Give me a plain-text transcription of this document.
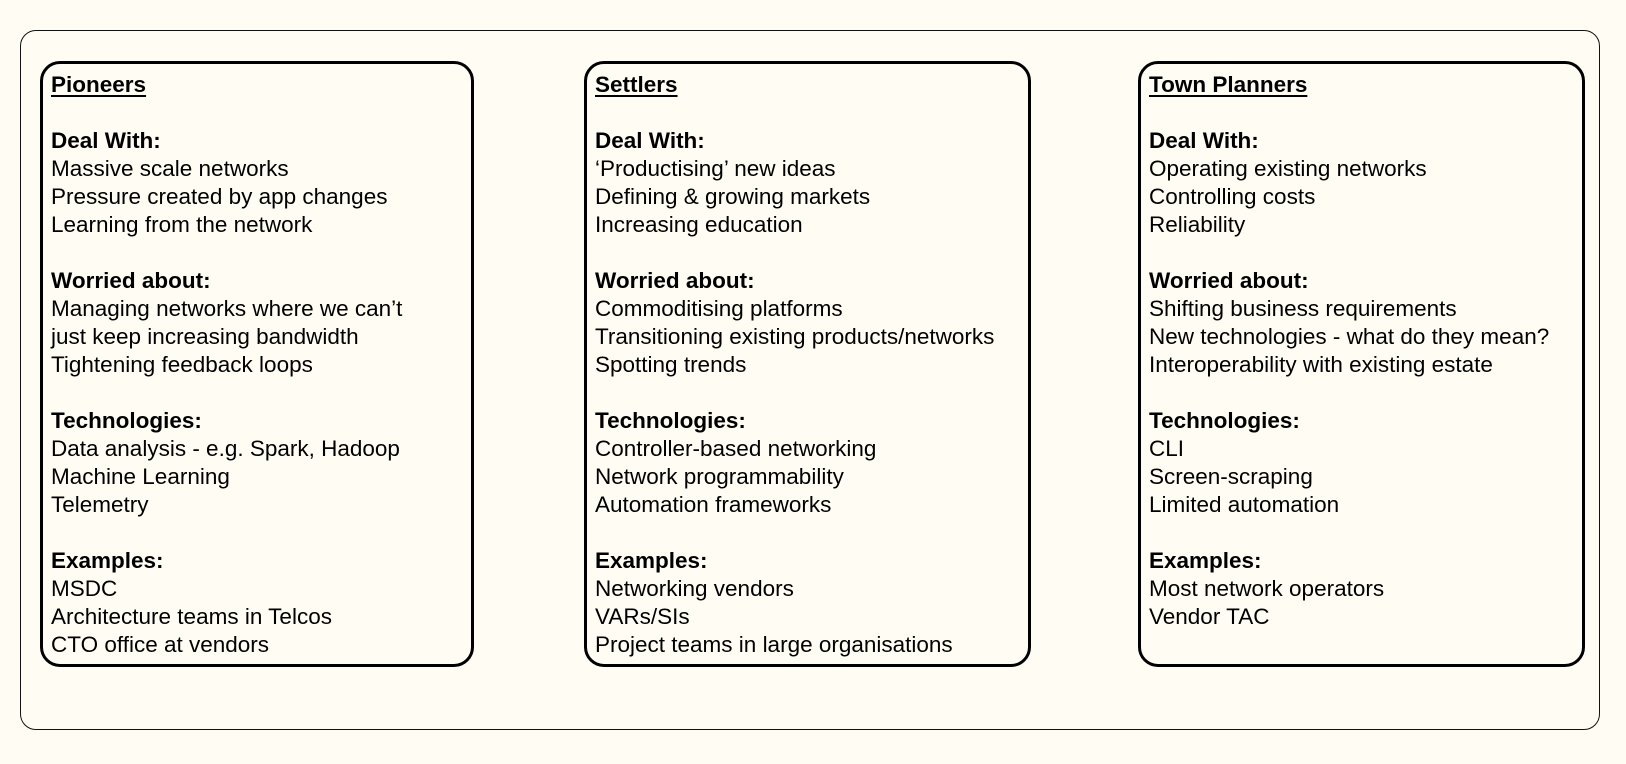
Pioneers
Deal With:
Massive scale networks
Pressure created by app changes
Learning from the network
Worried about:
Managing networks where we can’t
just keep increasing bandwidth
Tightening feedback loops
Technologies:
Data analysis - e.g. Spark, Hadoop
Machine Learning
Telemetry
Examples:
MSDC
Architecture teams in Telcos
CTO office at vendors
Settlers
Deal With:
‘Productising’ new ideas
Defining & growing markets
Increasing education
Worried about:
Commoditising platforms
Transitioning existing products/networks
Spotting trends
Technologies:
Controller-based networking
Network programmability
Automation frameworks
Examples:
Networking vendors
VARs/SIs
Project teams in large organisations
Town Planners
Deal With:
Operating existing networks
Controlling costs
Reliability
Worried about:
Shifting business requirements
New technologies - what do they mean?
Interoperability with existing estate
Technologies:
CLI
Screen-scraping
Limited automation
Examples:
Most network operators
Vendor TAC
